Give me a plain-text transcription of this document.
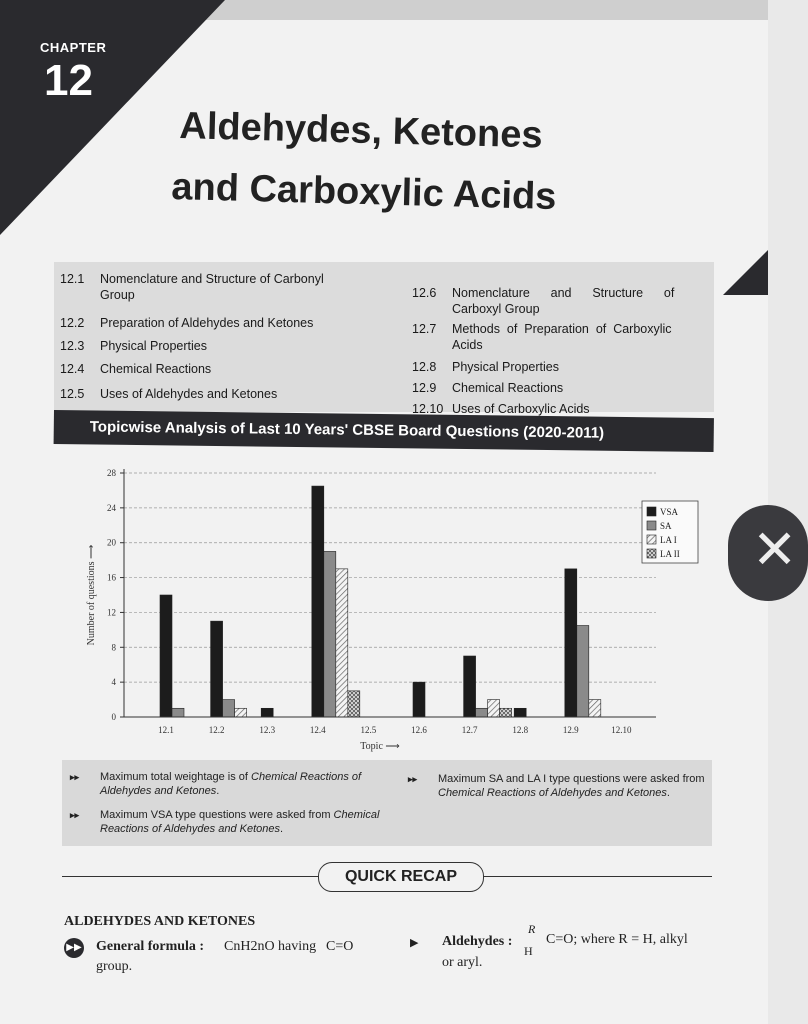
CHAPTER
12
Aldehydes, Ketones
and Carboxylic Acids
12.1	Nomenclature and Structure of Carbonyl
Group
12.2	Preparation of Aldehydes and Ketones
12.3	Physical Properties
12.4	Chemical Reactions
12.5	Uses of Aldehydes and Ketones
12.6	Nomenclature      and      Structure      of
Carboxyl Group
12.7	Methods  of  Preparation  of  Carboxylic
Acids
12.8	Physical Properties
12.9	Chemical Reactions
12.10 Uses of Carboxylic Acids
Topicwise Analysis of Last 10 Years' CBSE Board Questions (2020-2011)
0
4
8
12
16
20
24
28
12.1	12.2	12.3	12.4	12.5	12.6	12.7	12.8	12.9	12.10
Topic ⟶
Number of questions ⟶
VSA
SA
LA I
LA II
▸▸ Maximum total weightage is of Chemical Reactions of Aldehydes and Ketones.
▸▸ Maximum VSA type questions were asked from Chemical Reactions of Aldehydes and Ketones.
▸▸ Maximum SA and LA I type questions were asked from Chemical Reactions of Aldehydes and Ketones.
QUICK RECAP
ALDEHYDES AND KETONES
▶▶ General formula : CnH2nO having C=O
group.
▶ Aldehydes :
R
H
C=O; where R = H, alkyl
or aryl.
✕
